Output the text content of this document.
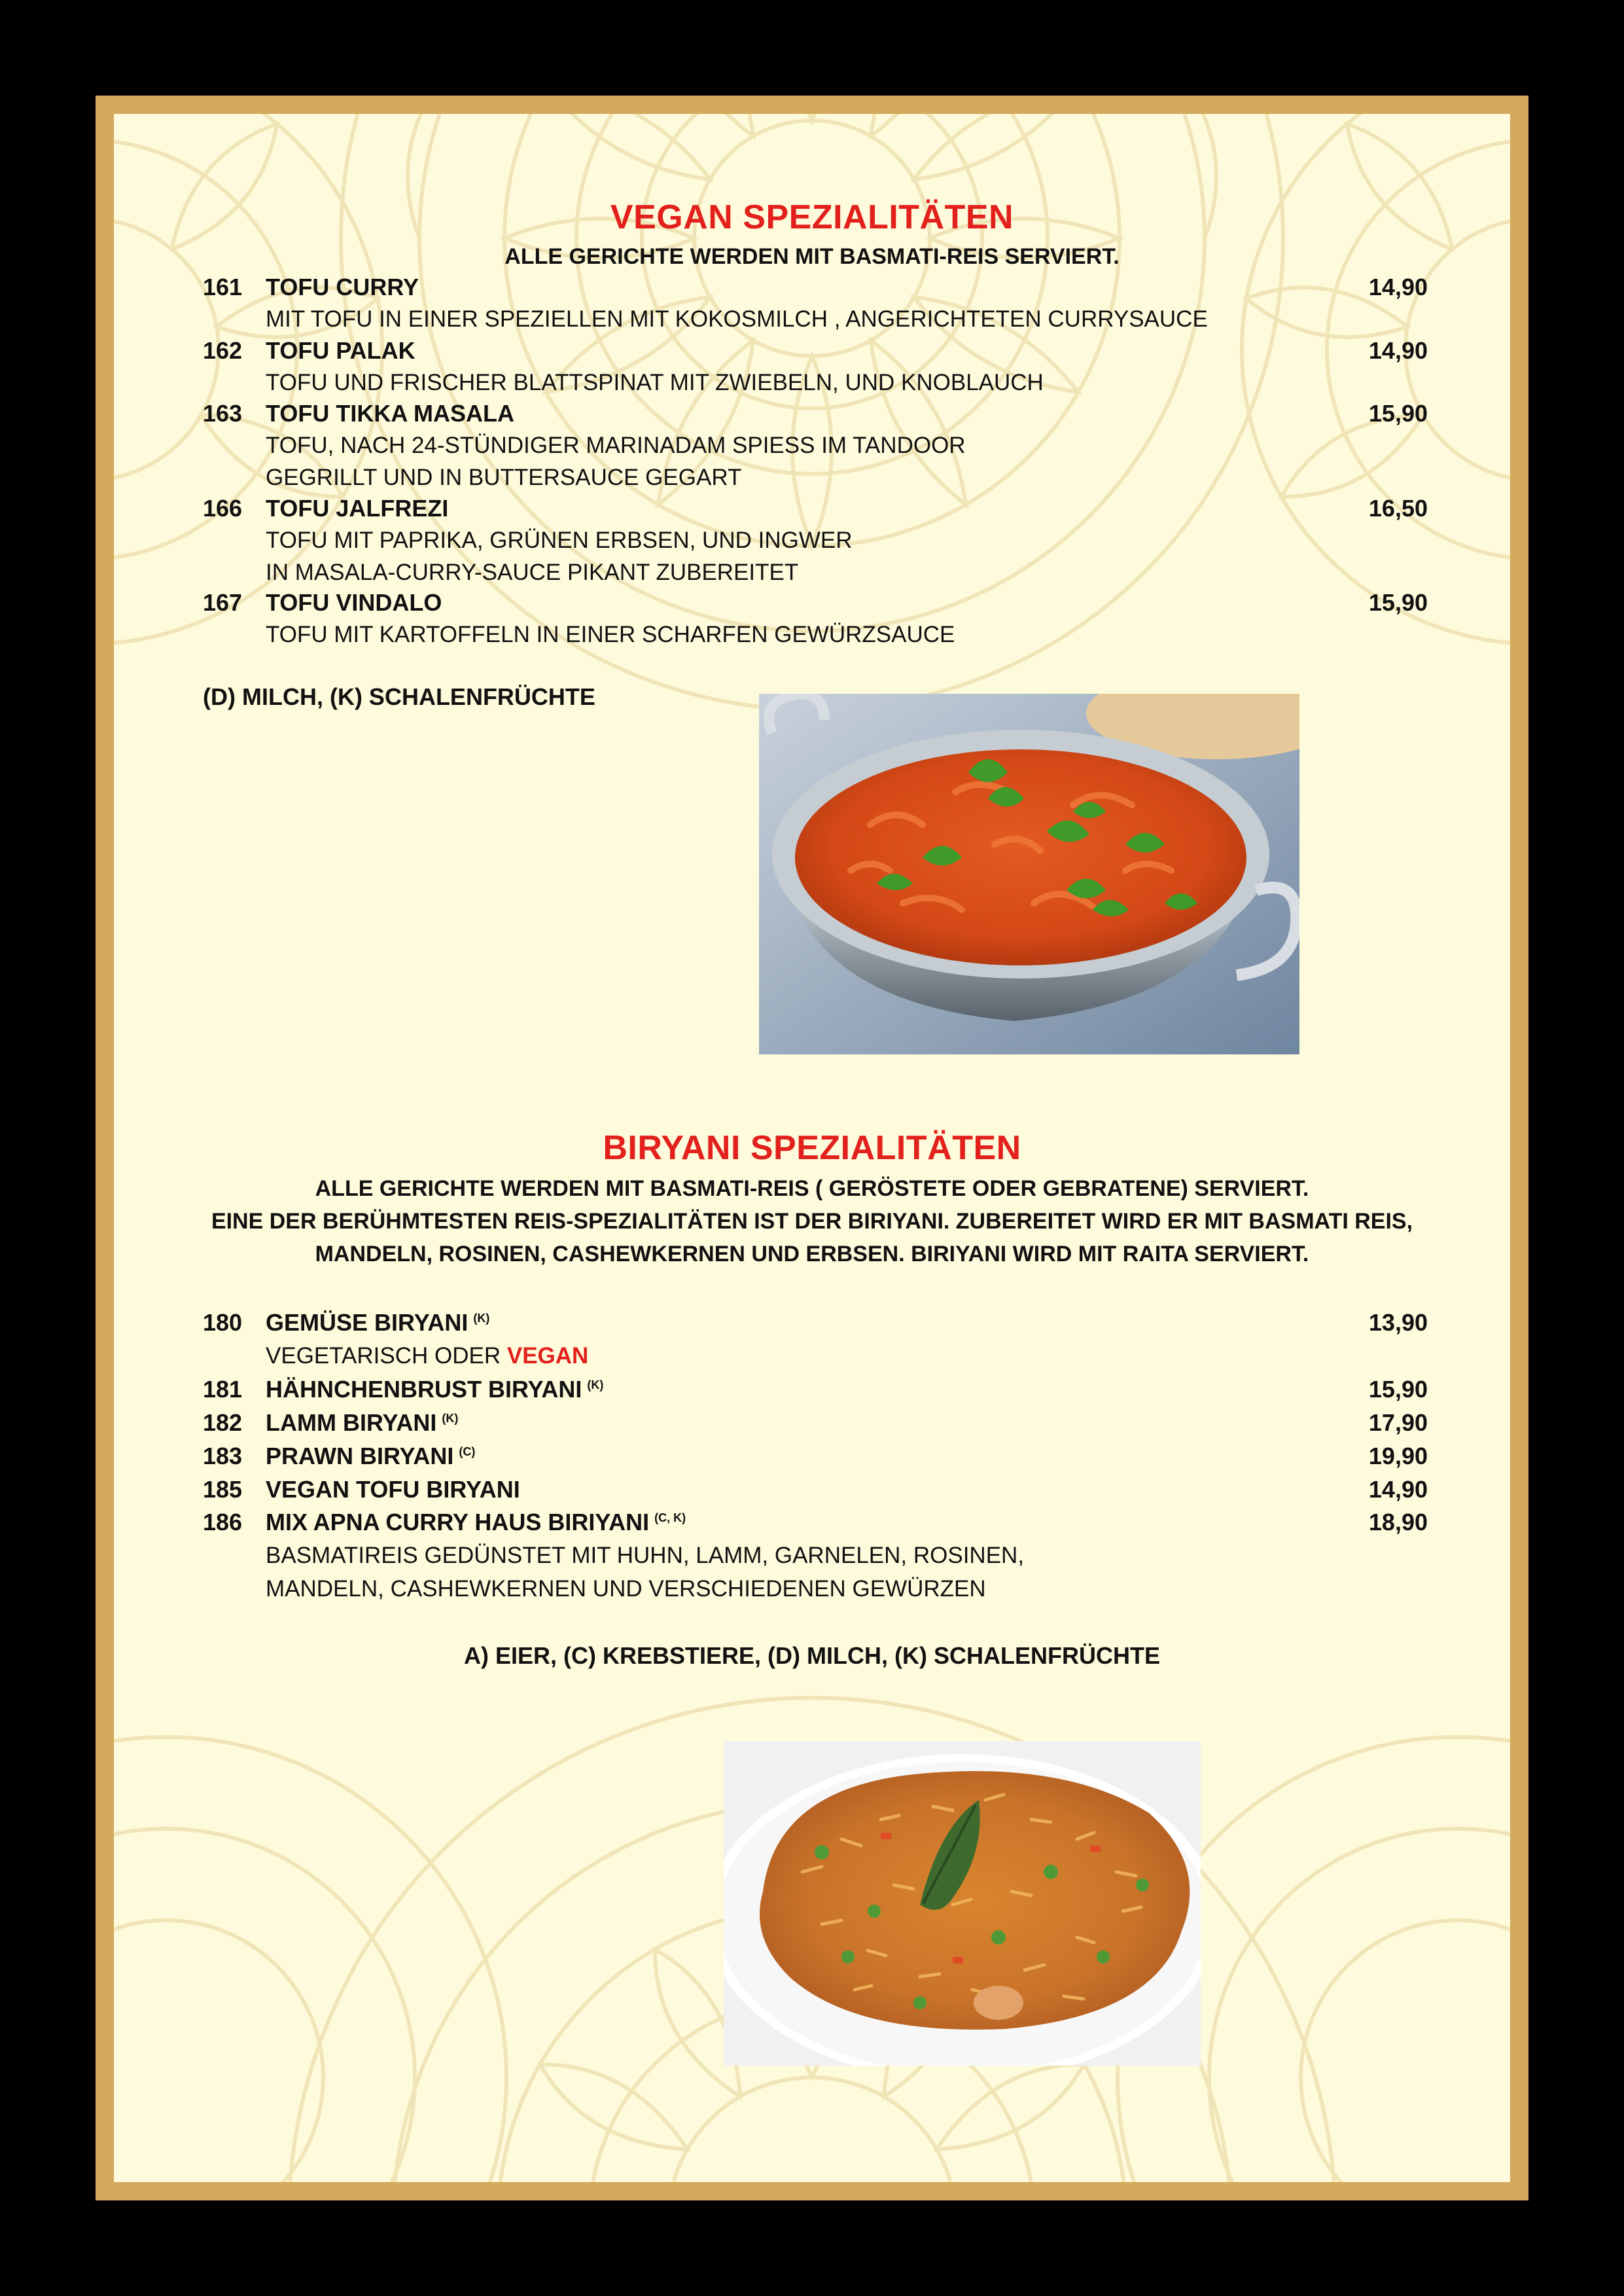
VEGAN SPEZIALITÄTEN
ALLE GERICHTE WERDEN MIT BASMATI-REIS SERVIERT.
161 TOFU CURRY	14,90
MIT TOFU IN EINER SPEZIELLEN MIT KOKOSMILCH , ANGERICHTETEN CURRYSAUCE
162 TOFU PALAK	14,90
TOFU UND FRISCHER BLATTSPINAT MIT ZWIEBELN, UND KNOBLAUCH
163 TOFU TIKKA MASALA	15,90
TOFU, NACH 24-STÜNDIGER MARINADAM SPIESS IM TANDOOR
GEGRILLT UND IN BUTTERSAUCE GEGART
166 TOFU JALFREZI	16,50
TOFU MIT PAPRIKA, GRÜNEN ERBSEN, UND INGWER
IN MASALA-CURRY-SAUCE PIKANT ZUBEREITET
167 TOFU VINDALO	15,90
TOFU MIT KARTOFFELN IN EINER SCHARFEN GEWÜRZSAUCE
(D) MILCH, (K) SCHALENFRÜCHTE
BIRYANI SPEZIALITÄTEN
ALLE GERICHTE WERDEN MIT BASMATI-REIS ( GERÖSTETE ODER GEBRATENE) SERVIERT.
EINE DER BERÜHMTESTEN REIS-SPEZIALITÄTEN IST DER BIRIYANI. ZUBEREITET WIRD ER MIT BASMATI REIS,
MANDELN, ROSINEN, CASHEWKERNEN UND ERBSEN. BIRIYANI WIRD MIT RAITA SERVIERT.
180 GEMÜSE BIRYANI $^{(K)}$	13,90
VEGETARISCH ODER VEGAN
181 HÄHNCHENBRUST BIRYANI $^{(K)}$	15,90
182 LAMM BIRYANI $^{(K)}$	17,90
183 PRAWN BIRYANI $^{(C)}$	19,90
185 VEGAN TOFU BIRYANI	14,90
186 MIX APNA CURRY HAUS BIRIYANI $^{(C, K)}$	18,90
BASMATIREIS GEDÜNSTET MIT HUHN, LAMM, GARNELEN, ROSINEN,
MANDELN, CASHEWKERNEN UND VERSCHIEDENEN GEWÜRZEN
A) EIER, (C) KREBSTIERE, (D) MILCH, (K) SCHALENFRÜCHTE
